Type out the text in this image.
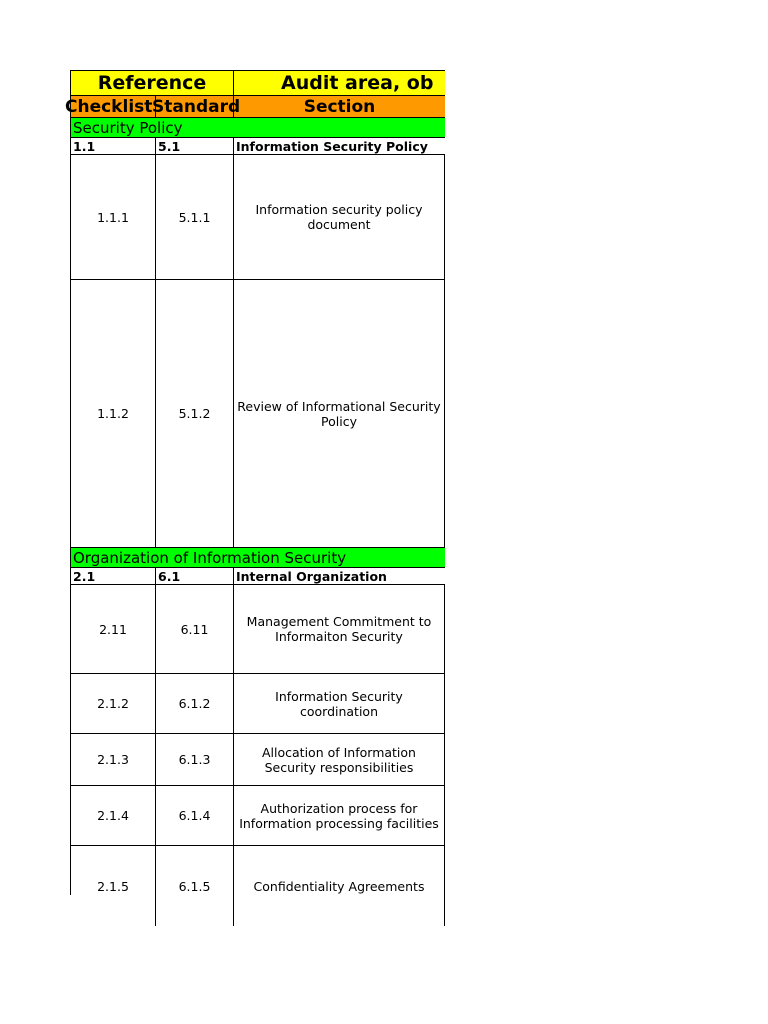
Reference	Audit area, ob
Checklist Standard	Section
Security Policy
1.1	5.1	Information Security Policy
1.1.1	5.1.1	Information security policy document
1.1.2	5.1.2	Review of Informational Security Policy
Organization of Information Security
2.1	6.1	Internal Organization
2.11	6.11	Management Commitment to Informaiton Security
2.1.2	6.1.2	Information Security coordination
2.1.3	6.1.3	Allocation of Information Security responsibilities
2.1.4	6.1.4	Authorization process for Information processing facilities
2.1.5	6.1.5	Confidentiality Agreements
